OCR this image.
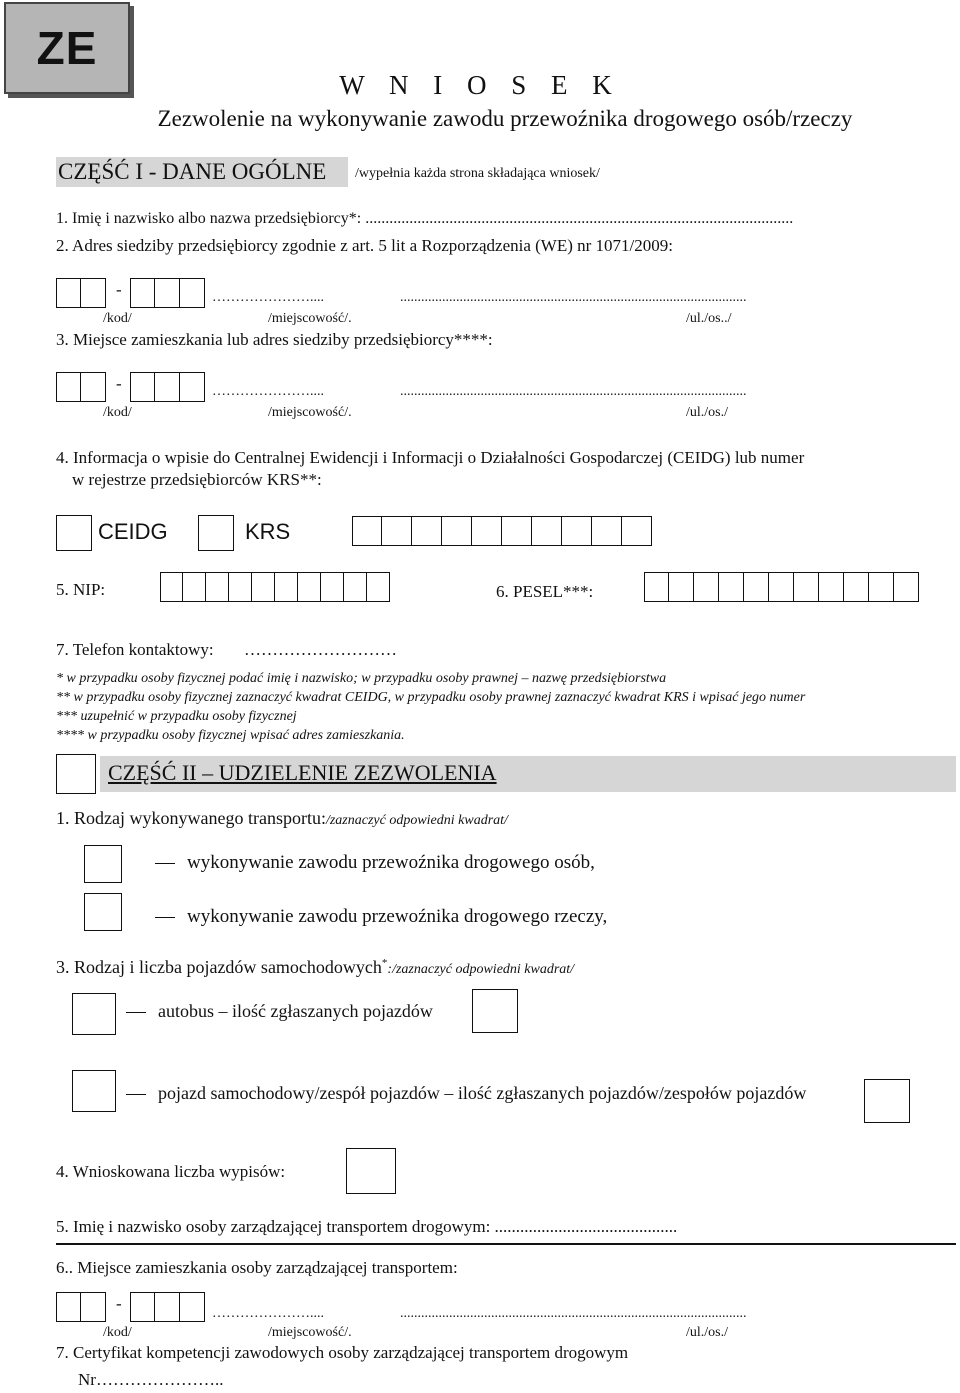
ZE
W N I O S E K
Zezwolenie na wykonywanie zawodu przewoźnika drogowego osób/rzeczy
CZĘŚĆ I - DANE OGÓLNE	/wypełnia każda strona składająca wniosek/
1. Imię i nazwisko albo nazwa przedsiębiorcy*: ...........................................................................................................
2. Adres siedziby przedsiębiorcy zgodnie z art. 5 lit a Rozporządzenia (WE) nr 1071/2009:
-	…………………....	...................................................................................................
/kod/	/miejscowość/.	/ul./os../
3. Miejsce zamieszkania lub adres siedziby przedsiębiorcy****:
-	…………………....	...................................................................................................
/kod/	/miejscowość/.	/ul./os./
4. Informacja o wpisie do Centralnej Ewidencji i Informacji o Działalności Gospodarczej (CEIDG) lub numer
w rejestrze przedsiębiorców KRS**:
CEIDG	KRS
5. NIP:	6. PESEL***:
7. Telefon kontaktowy: ………………………
* w przypadku osoby fizycznej podać imię i nazwisko; w przypadku osoby prawnej – nazwę przedsiębiorstwa
** w przypadku osoby fizycznej zaznaczyć kwadrat CEIDG, w przypadku osoby prawnej zaznaczyć kwadrat KRS i wpisać jego numer
*** uzupełnić w przypadku osoby fizycznej
**** w przypadku osoby fizycznej wpisać adres zamieszkania.
CZĘŚĆ II – UDZIELENIE ZEZWOLENIA
1. Rodzaj wykonywanego transportu:/zaznaczyć odpowiedni kwadrat/
wykonywanie zawodu przewoźnika drogowego osób,
wykonywanie zawodu przewoźnika drogowego rzeczy,
3. Rodzaj i liczba pojazdów samochodowych*:/zaznaczyć odpowiedni kwadrat/
autobus – ilość zgłaszanych pojazdów
pojazd samochodowy/zespół pojazdów – ilość zgłaszanych pojazdów/zespołów pojazdów
4. Wnioskowana liczba wypisów:
5. Imię i nazwisko osoby zarządzającej transportem drogowym: ...........................................
6.. Miejsce zamieszkania osoby zarządzającej transportem:
-
…………………....	...................................................................................................
/kod/	/miejscowość/.	/ul./os./
7. Certyfikat kompetencji zawodowych osoby zarządzającej transportem drogowym
Nr…………………..
